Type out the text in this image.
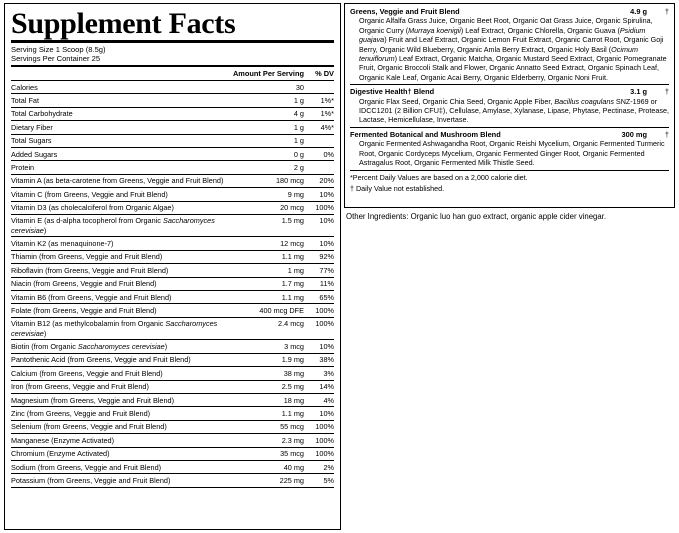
Supplement Facts
Serving Size 1 Scoop (8.5g)
Servings Per Container 25
	Amount Per Serving	% DV
Calories	30	
Total Fat	1 g	1%*
Total Carbohydrate	4 g	1%*
Dietary Fiber	1 g	4%*
Total Sugars	1 g	
Added Sugars	0 g	0%
Protein	2 g	
Vitamin A (as beta-carotene from Greens, Veggie and Fruit Blend)	180 mcg	20%
Vitamin C (from Greens, Veggie and Fruit Blend)	9 mg	10%
Vitamin D3 (as cholecalciferol from Organic Algae)	20 mcg	100%
Vitamin E (as d-alpha tocopherol from Organic Saccharomyces cerevisiae)	1.5 mg	10%
Vitamin K2 (as menaquinone-7)	12 mcg	10%
Thiamin (from Greens, Veggie and Fruit Blend)	1.1 mg	92%
Riboflavin (from Greens, Veggie and Fruit Blend)	1 mg	77%
Niacin (from Greens, Veggie and Fruit Blend)	1.7 mg	11%
Vitamin B6 (from Greens, Veggie and Fruit Blend)	1.1 mg	65%
Folate (from Greens, Veggie and Fruit Blend)	400 mcg DFE	100%
Vitamin B12 (as methylcobalamin from Organic Saccharomyces cerevisiae)	2.4 mcg	100%
Biotin (from Organic Saccharomyces cerevisiae)	3 mcg	10%
Pantothenic Acid (from Greens, Veggie and Fruit Blend)	1.9 mg	38%
Calcium (from Greens, Veggie and Fruit Blend)	38 mg	3%
Iron (from Greens, Veggie and Fruit Blend)	2.5 mg	14%
Magnesium (from Greens, Veggie and Fruit Blend)	18 mg	4%
Zinc (from Greens, Veggie and Fruit Blend)	1.1 mg	10%
Selenium (from Greens, Veggie and Fruit Blend)	55 mcg	100%
Manganese (Enzyme Activated)	2.3 mg	100%
Chromium (Enzyme Activated)	35 mcg	100%
Sodium (from Greens, Veggie and Fruit Blend)	40 mg	2%
Potassium (from Greens, Veggie and Fruit Blend)	225 mg	5%
Greens, Veggie and Fruit Blend	4.9 g	†
Organic Alfalfa Grass Juice, Organic Beet Root, Organic Oat Grass Juice, Organic Spirulina, Organic Curry (Murraya koenigii) Leaf Extract, Organic Chlorella, Organic Guava (Psidium guajava) Fruit and Leaf Extract, Organic Lemon Fruit Extract, Organic Carrot Root, Organic Goji Berry, Organic Wild Blueberry, Organic Amla Berry Extract, Organic Holy Basil (Ocimum tenuiflorum) Leaf Extract, Organic Matcha, Organic Mustard Seed Extract, Organic Pomegranate Fruit, Organic Broccoli Stalk and Flower, Organic Annatto Seed Extract, Organic Spinach Leaf, Organic Kale Leaf, Organic Acai Berry, Organic Elderberry, Organic Noni Fruit.
Digestive Health† Blend	3.1 g	†
Organic Flax Seed, Organic Chia Seed, Organic Apple Fiber, Bacillus coagulans SNZ-1969 or IDCC1201 (2 Billion CFU‡), Cellulase, Amylase, Xylanase, Lipase, Phytase, Pectinase, Protease, Lactase, Hemicellulase, Invertase.
Fermented Botanical and Mushroom Blend	300 mg	†
Organic Fermented Ashwagandha Root, Organic Reishi Mycelium, Organic Fermented Turmeric Root, Organic Cordyceps Mycelium, Organic Fermented Ginger Root, Organic Fermented Astragalus Root, Organic Fermented Milk Thistle Seed.
*Percent Daily Values are based on a 2,000 calorie diet.
† Daily Value not established.
Other Ingredients: Organic luo han guo extract, organic apple cider vinegar.
